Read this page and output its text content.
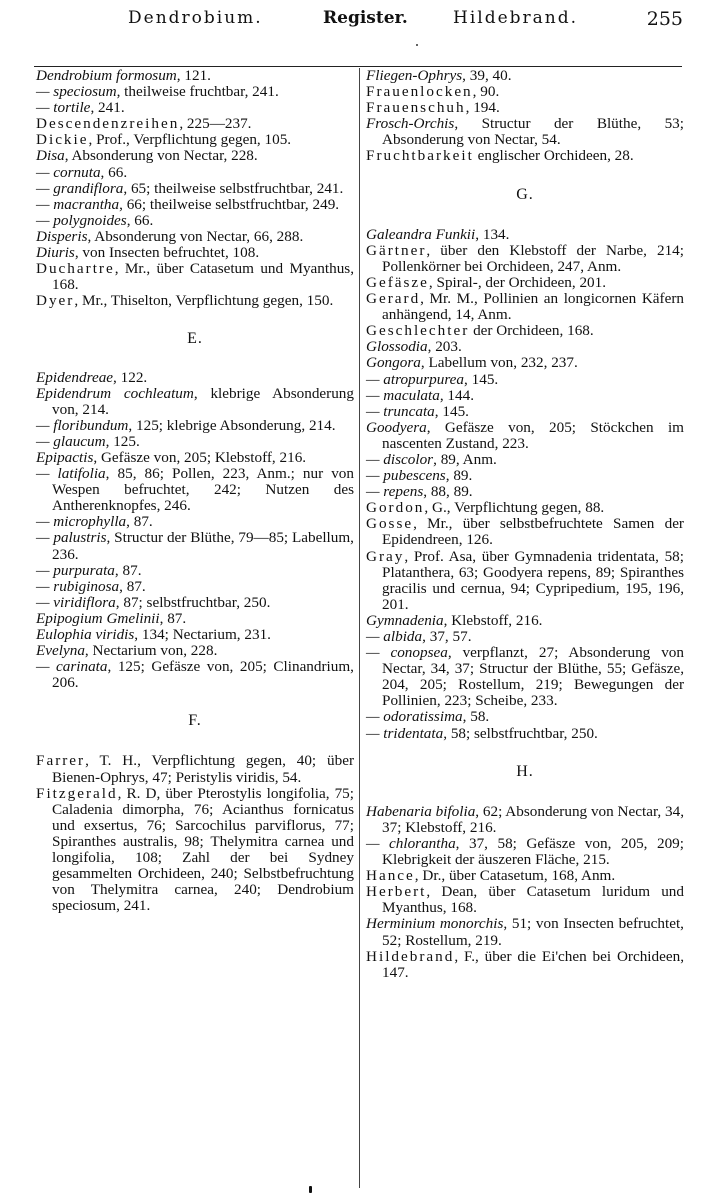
Dendrobium.	Register.	Hildebrand.	255

Dendrobium formosum, 121.

— speciosum, theilweise fruchtbar, 241.

— tortile, 241.

Descendenzreihen, 225—237.

Dickie, Prof., Verpflichtung gegen, 105.

Disa, Absonderung von Nectar, 228.

— cornuta, 66.

— grandiflora, 65; theilweise selbstfruchtbar, 241.

— macrantha, 66; theilweise selbstfruchtbar, 249.

— polygnoides, 66.

Disperis, Absonderung von Nectar, 66, 288.

Diuris, von Insecten befruchtet, 108.

Duchartre, Mr., über Catasetum und Myanthus, 168.

Dyer, Mr., Thiselton, Verpflichtung gegen, 150.

E.

Epidendreae, 122.

Epidendrum cochleatum, klebrige Absonderung von, 214.

— floribundum, 125; klebrige Absonderung, 214.

— glaucum, 125.

Epipactis, Gefäsze von, 205; Klebstoff, 216.

— latifolia, 85, 86; Pollen, 223, Anm.; nur von Wespen befruchtet, 242; Nutzen des Antherenknopfes, 246.

— microphylla, 87.

— palustris, Structur der Blüthe, 79—85; Labellum, 236.

— purpurata, 87.

— rubiginosa, 87.

— viridiflora, 87; selbstfruchtbar, 250.

Epipogium Gmelinii, 87.

Eulophia viridis, 134; Nectarium, 231.

Evelyna, Nectarium von, 228.

— carinata, 125; Gefäsze von, 205; Clinandrium, 206.

F.

Farrer, T. H., Verpflichtung gegen, 40; über Bienen-Ophrys, 47; Peristylis viridis, 54.

Fitzgerald, R. D, über Pterostylis longifolia, 75; Caladenia dimorpha, 76; Acianthus fornicatus und exsertus, 76; Sarcochilus parviflorus, 77; Spiranthes australis, 98; Thelymitra carnea und longifolia, 108; Zahl der bei Sydney gesammelten Orchideen, 240; Selbstbefruchtung von Thelymitra carnea, 240; Dendrobium speciosum, 241.

Fliegen-Ophrys, 39, 40.

Frauenlocken, 90.

Frauenschuh, 194.

Frosch-Orchis, Structur der Blüthe, 53; Absonderung von Nectar, 54.

Fruchtbarkeit englischer Orchideen, 28.

G.

Galeandra Funkii, 134.

Gärtner, über den Klebstoff der Narbe, 214; Pollenkörner bei Orchideen, 247, Anm.

Gefäsze, Spiral-, der Orchideen, 201.

Gerard, Mr. M., Pollinien an longicornen Käfern anhängend, 14, Anm.

Geschlechter der Orchideen, 168.

Glossodia, 203.

Gongora, Labellum von, 232, 237.

— atropurpurea, 145.

— maculata, 144.

— truncata, 145.

Goodyera, Gefäsze von, 205; Stöckchen im nascenten Zustand, 223.

— discolor, 89, Anm.

— pubescens, 89.

— repens, 88, 89.

Gordon, G., Verpflichtung gegen, 88.

Gosse, Mr., über selbstbefruchtete Samen der Epidendreen, 126.

Gray, Prof. Asa, über Gymnadenia tridentata, 58; Platanthera, 63; Goodyera repens, 89; Spiranthes gracilis und cernua, 94; Cypripedium, 195, 196, 201.

Gymnadenia, Klebstoff, 216.

— albida, 37, 57.

— conopsea, verpflanzt, 27; Absonderung von Nectar, 34, 37; Structur der Blüthe, 55; Gefäsze, 204, 205; Rostellum, 219; Bewegungen der Pollinien, 223; Scheibe, 233.

— odoratissima, 58.

— tridentata, 58; selbstfruchtbar, 250.

H.

Habenaria bifolia, 62; Absonderung von Nectar, 34, 37; Klebstoff, 216.

— chlorantha, 37, 58; Gefäsze von, 205, 209; Klebrigkeit der äuszeren Fläche, 215.

Hance, Dr., über Catasetum, 168, Anm.

Herbert, Dean, über Catasetum luridum und Myanthus, 168.

Herminium monorchis, 51; von Insecten befruchtet, 52; Rostellum, 219.

Hildebrand, F., über die Ei'chen bei Orchideen, 147.
